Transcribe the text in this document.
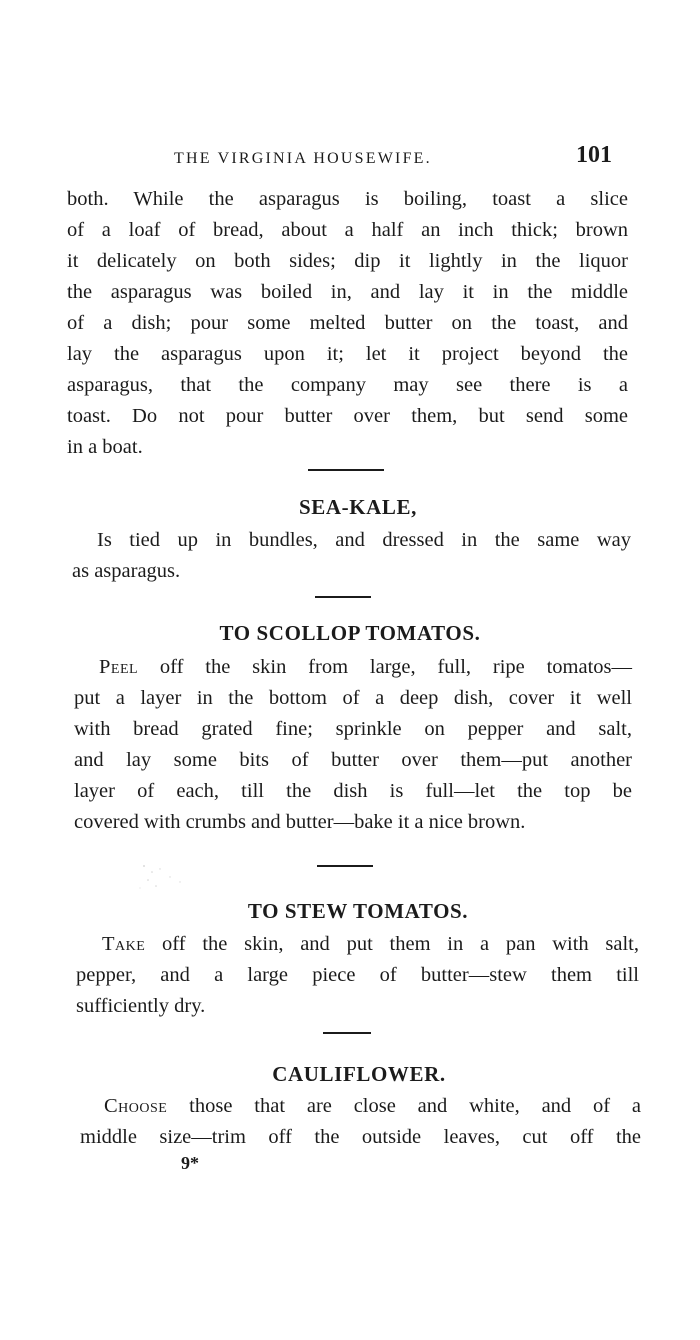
THE VIRGINIA HOUSEWIFE.	101
both. While the asparagus is boiling, toast a slice
of a loaf of bread, about a half an inch thick; brown
it delicately on both sides; dip it lightly in the liquor
the asparagus was boiled in, and lay it in the middle
of a dish; pour some melted butter on the toast, and
lay the asparagus upon it; let it project beyond the
asparagus, that the company may see there is a
toast. Do not pour butter over them, but send some
in a boat.
SEA-KALE,
Is tied up in bundles, and dressed in the same way
as asparagus.
TO SCOLLOP TOMATOS.
Peel off the skin from large, full, ripe tomatos—
put a layer in the bottom of a deep dish, cover it well
with bread grated fine; sprinkle on pepper and salt,
and lay some bits of butter over them—put another
layer of each, till the dish is full—let the top be
covered with crumbs and butter—bake it a nice brown.
TO STEW TOMATOS.
Take off the skin, and put them in a pan with salt,
pepper, and a large piece of butter—stew them till
sufficiently dry.
CAULIFLOWER.
Choose those that are close and white, and of a
middle size—trim off the outside leaves, cut off the
9*
